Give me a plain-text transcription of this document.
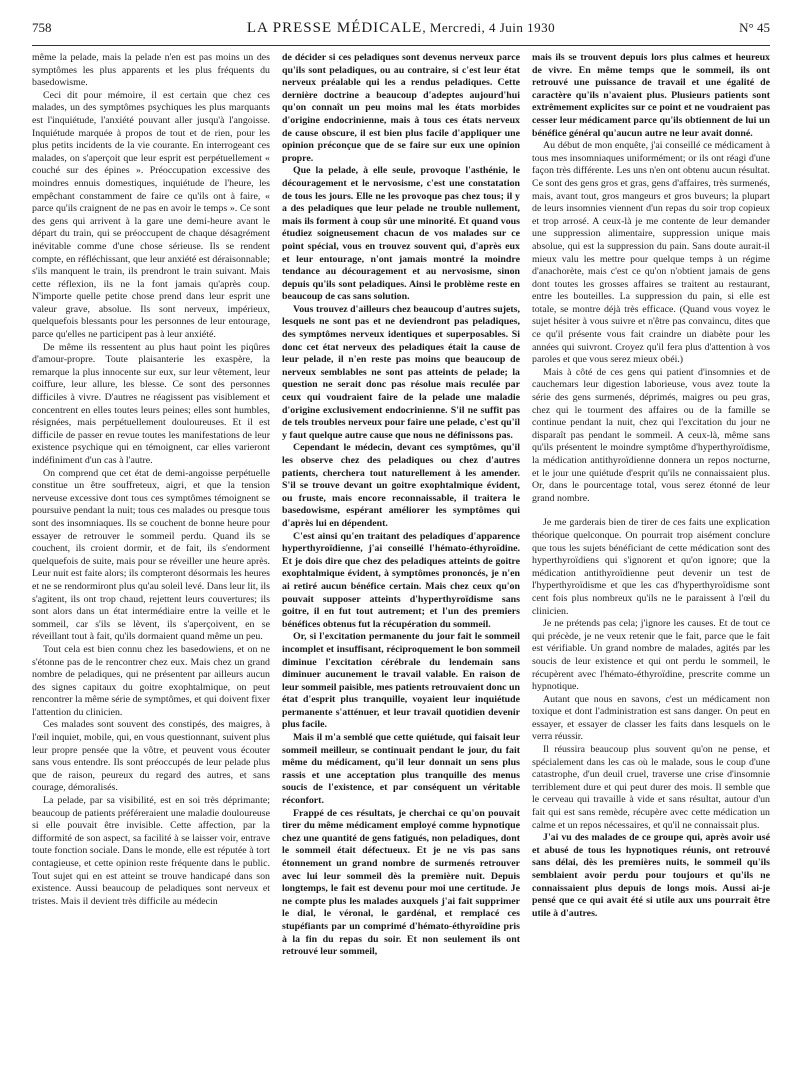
758	LA PRESSE MÉDICALE, Mercredi, 4 Juin 1930	N° 45

même la pelade, mais la pelade n'en est pas moins un des symptômes les plus apparents et les plus fréquents du basedowisme.

Ceci dit pour mémoire, il est certain que chez ces malades, un des symptômes psychiques les plus marquants est l'inquiétude, l'anxiété pouvant aller jusqu'à l'angoisse. Inquiétude marquée à propos de tout et de rien, pour les plus petits incidents de la vie courante. En interrogeant ces malades, on s'aperçoit que leur esprit est perpétuellement « couché sur des épines ». Préoccupation excessive des moindres ennuis domestiques, inquiétude de l'heure, les empêchant constamment de faire ce qu'ils ont à faire, « parce qu'ils craignent de ne pas en avoir le temps ». Ce sont des gens qui arrivent à la gare une demi-heure avant le départ du train, qui se préoccupent de chaque désagrément inévitable comme d'une chose sérieuse. Ils se rendent compte, en réfléchissant, que leur anxiété est déraisonnable; s'ils manquent le train, ils prendront le train suivant. Mais cette réflexion, ils ne la font jamais qu'après coup. N'importe quelle petite chose prend dans leur esprit une valeur grave, absolue. Ils sont nerveux, impérieux, quelquefois blessants pour les personnes de leur entourage, parce qu'elles ne participent pas à leur anxiété.

De même ils ressentent au plus haut point les piqûres d'amour-propre. Toute plaisanterie les exaspère, la remarque la plus innocente sur eux, sur leur vêtement, leur coiffure, leur allure, les blesse. Ce sont des personnes difficiles à vivre. D'autres ne réagissent pas visiblement et concentrent en elles toutes leurs peines; elles sont humbles, résignées, mais perpétuellement douloureuses. Et il est difficile de passer en revue toutes les manifestations de leur existence psychique qui en témoignent, car elles varieront indéfiniment d'un cas à l'autre.

On comprend que cet état de demi-angoisse perpétuelle constitue un être souffreteux, aigri, et que la tension nerveuse excessive dont tous ces symptômes témoignent se poursuive pendant la nuit; tous ces malades ou presque tous sont des insomniaques. Ils se couchent de bonne heure pour essayer de retrouver le sommeil perdu. Quand ils se couchent, ils croient dormir, et de fait, ils s'endorment quelquefois de suite, mais pour se réveiller une heure après. Leur nuit est faite alors; ils compteront désormais les heures et ne se rendormiront plus qu'au soleil levé. Dans leur lit, ils s'agitent, ils ont trop chaud, rejettent leurs couvertures; ils sont alors dans un état intermédiaire entre la veille et le sommeil, car s'ils se lèvent, ils s'aperçoivent, en se réveillant tout à fait, qu'ils dormaient quand même un peu.

Tout cela est bien connu chez les basedowiens, et on ne s'étonne pas de le rencontrer chez eux. Mais chez un grand nombre de peladiques, qui ne présentent par ailleurs aucun des signes capitaux du goitre exophtalmique, on peut rencontrer la même série de symptômes, et qui doivent fixer l'attention du clinicien.

Ces malades sont souvent des constipés, des maigres, à l'œil inquiet, mobile, qui, en vous questionnant, suivent plus leur propre pensée que la vôtre, et peuvent vous écouter sans vous entendre. Ils sont préoccupés de leur pelade plus que de raison, peureux du regard des autres, et sans courage, démoralisés.

La pelade, par sa visibilité, est en soi très déprimante; beaucoup de patients préféreraient une maladie douloureuse si elle pouvait être invisible. Cette affection, par la difformité de son aspect, sa facilité à se laisser voir, entrave toute fonction sociale. Dans le monde, elle est réputée à tort contagieuse, et cette opinion reste fréquente dans le public. Tout sujet qui en est atteint se trouve handicapé dans son existence. Aussi beaucoup de peladiques sont nerveux et tristes. Mais il devient très difficile au médecin

de décider si ces peladiques sont devenus nerveux parce qu'ils sont peladiques, ou au contraire, si c'est leur état nerveux préalable qui les a rendus peladiques. Cette dernière doctrine a beaucoup d'adeptes aujourd'hui qu'on connaît un peu moins mal les états morbides d'origine endocrinienne, mais à tous ces états nerveux de cause obscure, il est bien plus facile d'appliquer une opinion préconçue que de se faire sur eux une opinion propre.

Que la pelade, à elle seule, provoque l'asthénie, le découragement et le nervosisme, c'est une constatation de tous les jours. Elle ne les provoque pas chez tous; il y a des peladiques que leur pelade ne trouble nullement, mais ils forment à coup sûr une minorité. Et quand vous étudiez soigneusement chacun de vos malades sur ce point spécial, vous en trouvez souvent qui, d'après eux et leur entourage, n'ont jamais montré la moindre tendance au découragement et au nervosisme, sinon depuis qu'ils sont peladiques. Ainsi le problème reste en beaucoup de cas sans solution.

Vous trouvez d'ailleurs chez beaucoup d'autres sujets, lesquels ne sont pas et ne deviendront pas peladiques, des symptômes nerveux identiques et superposables. Si donc cet état nerveux des peladiques était la cause de leur pelade, il n'en reste pas moins que beaucoup de nerveux semblables ne sont pas atteints de pelade; la question ne serait donc pas résolue mais reculée par ceux qui voudraient faire de la pelade une maladie d'origine exclusivement endocrinienne. S'il ne suffit pas de tels troubles nerveux pour faire une pelade, c'est qu'il y faut quelque autre cause que nous ne définissons pas.

Cependant le médecin, devant ces symptômes, qu'il les observe chez des peladiques ou chez d'autres patients, cherchera tout naturellement à les amender. S'il se trouve devant un goitre exophtalmique évident, ou fruste, mais encore reconnaissable, il traitera le basedowisme, espérant améliorer les symptômes qui d'après lui en dépendent.

C'est ainsi qu'en traitant des peladiques d'apparence hyperthyroïdienne, j'ai conseillé l'hémato-éthyroïdine. Et je dois dire que chez des peladiques atteints de goitre exophtalmique évident, à symptômes prononcés, je n'en ai retiré aucun bénéfice certain. Mais chez ceux qu'on pouvait supposer atteints d'hyperthyroïdisme sans goitre, il en fut tout autrement; et l'un des premiers bénéfices obtenus fut la récupération du sommeil.

Or, si l'excitation permanente du jour fait le sommeil incomplet et insuffisant, réciproquement le bon sommeil diminue l'excitation cérébrale du lendemain sans diminuer aucunement le travail valable. En raison de leur sommeil paisible, mes patients retrouvaient donc un état d'esprit plus tranquille, voyaient leur inquiétude permanente s'atténuer, et leur travail quotidien devenir plus facile.

Mais il m'a semblé que cette quiétude, qui faisait leur sommeil meilleur, se continuait pendant le jour, du fait même du médicament, qu'il leur donnait un sens plus rassis et une acceptation plus tranquille des menus soucis de l'existence, et par conséquent un véritable réconfort.

Frappé de ces résultats, je cherchai ce qu'on pouvait tirer du même médicament employé comme hypnotique chez une quantité de gens fatigués, non peladiques, dont le sommeil était défectueux. Et je ne vis pas sans étonnement un grand nombre de surmenés retrouver avec lui leur sommeil dès la première nuit. Depuis longtemps, le fait est devenu pour moi une certitude. Je ne compte plus les malades auxquels j'ai fait supprimer le dial, le véronal, le gardénal, et remplacé ces stupéfiants par un comprimé d'hémato-éthyroïdine pris à la fin du repas du soir. Et non seulement ils ont retrouvé leur sommeil,

mais ils se trouvent depuis lors plus calmes et heureux de vivre. En même temps que le sommeil, ils ont retrouvé une puissance de travail et une égalité de caractère qu'ils n'avaient plus. Plusieurs patients sont extrêmement explicites sur ce point et ne voudraient pas cesser leur médicament parce qu'ils obtiennent de lui un bénéfice général qu'aucun autre ne leur avait donné.

Au début de mon enquête, j'ai conseillé ce médicament à tous mes insomniaques uniformément; or ils ont réagi d'une façon très différente. Les uns n'en ont obtenu aucun résultat. Ce sont des gens gros et gras, gens d'affaires, très surmenés, mais, avant tout, gros mangeurs et gros buveurs; la plupart de leurs insomnies viennent d'un repas du soir trop copieux et trop arrosé. A ceux-là je me contente de leur demander une suppression alimentaire, suppression unique mais absolue, qui est la suppression du pain. Sans doute aurait-il mieux valu les mettre pour quelque temps à un régime d'anachorète, mais c'est ce qu'on n'obtient jamais de gens dont toutes les grosses affaires se traitent au restaurant, entre les bouteilles. La suppression du pain, si elle est totale, se montre déjà très efficace. (Quand vous voyez le sujet hésiter à vous suivre et n'être pas convaincu, dites que ce qu'il présente vous fait craindre un diabète pour les années qui suivront. Croyez qu'il fera plus d'attention à vos paroles et que vous serez mieux obéi.)

Mais à côté de ces gens qui patient d'insomnies et de cauchemars leur digestion laborieuse, vous avez toute la série des gens surmenés, déprimés, maigres ou peu gras, chez qui le tourment des affaires ou de la famille se continue pendant la nuit, chez qui l'excitation du jour ne disparaît pas pendant le sommeil. A ceux-là, même sans qu'ils présentent le moindre symptôme d'hyperthyroïdisme, la médication antithyroïdienne donnera un repos nocturne, et le jour une quiétude d'esprit qu'ils ne connaissaient plus. Or, dans le pourcentage total, vous serez étonné de leur grand nombre.

Je me garderais bien de tirer de ces faits une explication théorique quelconque. On pourrait trop aisément conclure que tous les sujets bénéficiant de cette médication sont des hyperthyroïdiens qui s'ignorent et qu'on ignore; que la médication antithyroïdienne peut devenir un test de l'hyperthyroïdisme et que les cas d'hyperthyroïdisme sont cent fois plus nombreux qu'ils ne le paraissent à l'œil du clinicien.

Je ne prétends pas cela; j'ignore les causes. Et de tout ce qui précède, je ne veux retenir que le fait, parce que le fait est vérifiable. Un grand nombre de malades, agités par les soucis de leur existence et qui ont perdu le sommeil, le récupèrent avec l'hémato-éthyroïdine, prescrite comme un hypnotique.

Autant que nous en savons, c'est un médicament non toxique et dont l'administration est sans danger. On peut en essayer, et essayer de classer les faits dans lesquels on le verra réussir.

Il réussira beaucoup plus souvent qu'on ne pense, et spécialement dans les cas où le malade, sous le coup d'une catastrophe, d'un deuil cruel, traverse une crise d'insomnie terriblement dure et qui peut durer des mois. Il semble que le cerveau qui travaille à vide et sans résultat, autour d'un fait qui est sans remède, récupère avec cette médication un calme et un repos nécessaires, et qu'il ne connaissait plus.

J'ai vu des malades de ce groupe qui, après avoir usé et abusé de tous les hypnotiques réunis, ont retrouvé sans délai, dès les premières nuits, le sommeil qu'ils semblaient avoir perdu pour toujours et qu'ils ne connaissaient plus depuis de longs mois. Aussi ai-je pensé que ce qui avait été si utile aux uns pourrait être utile à d'autres.
